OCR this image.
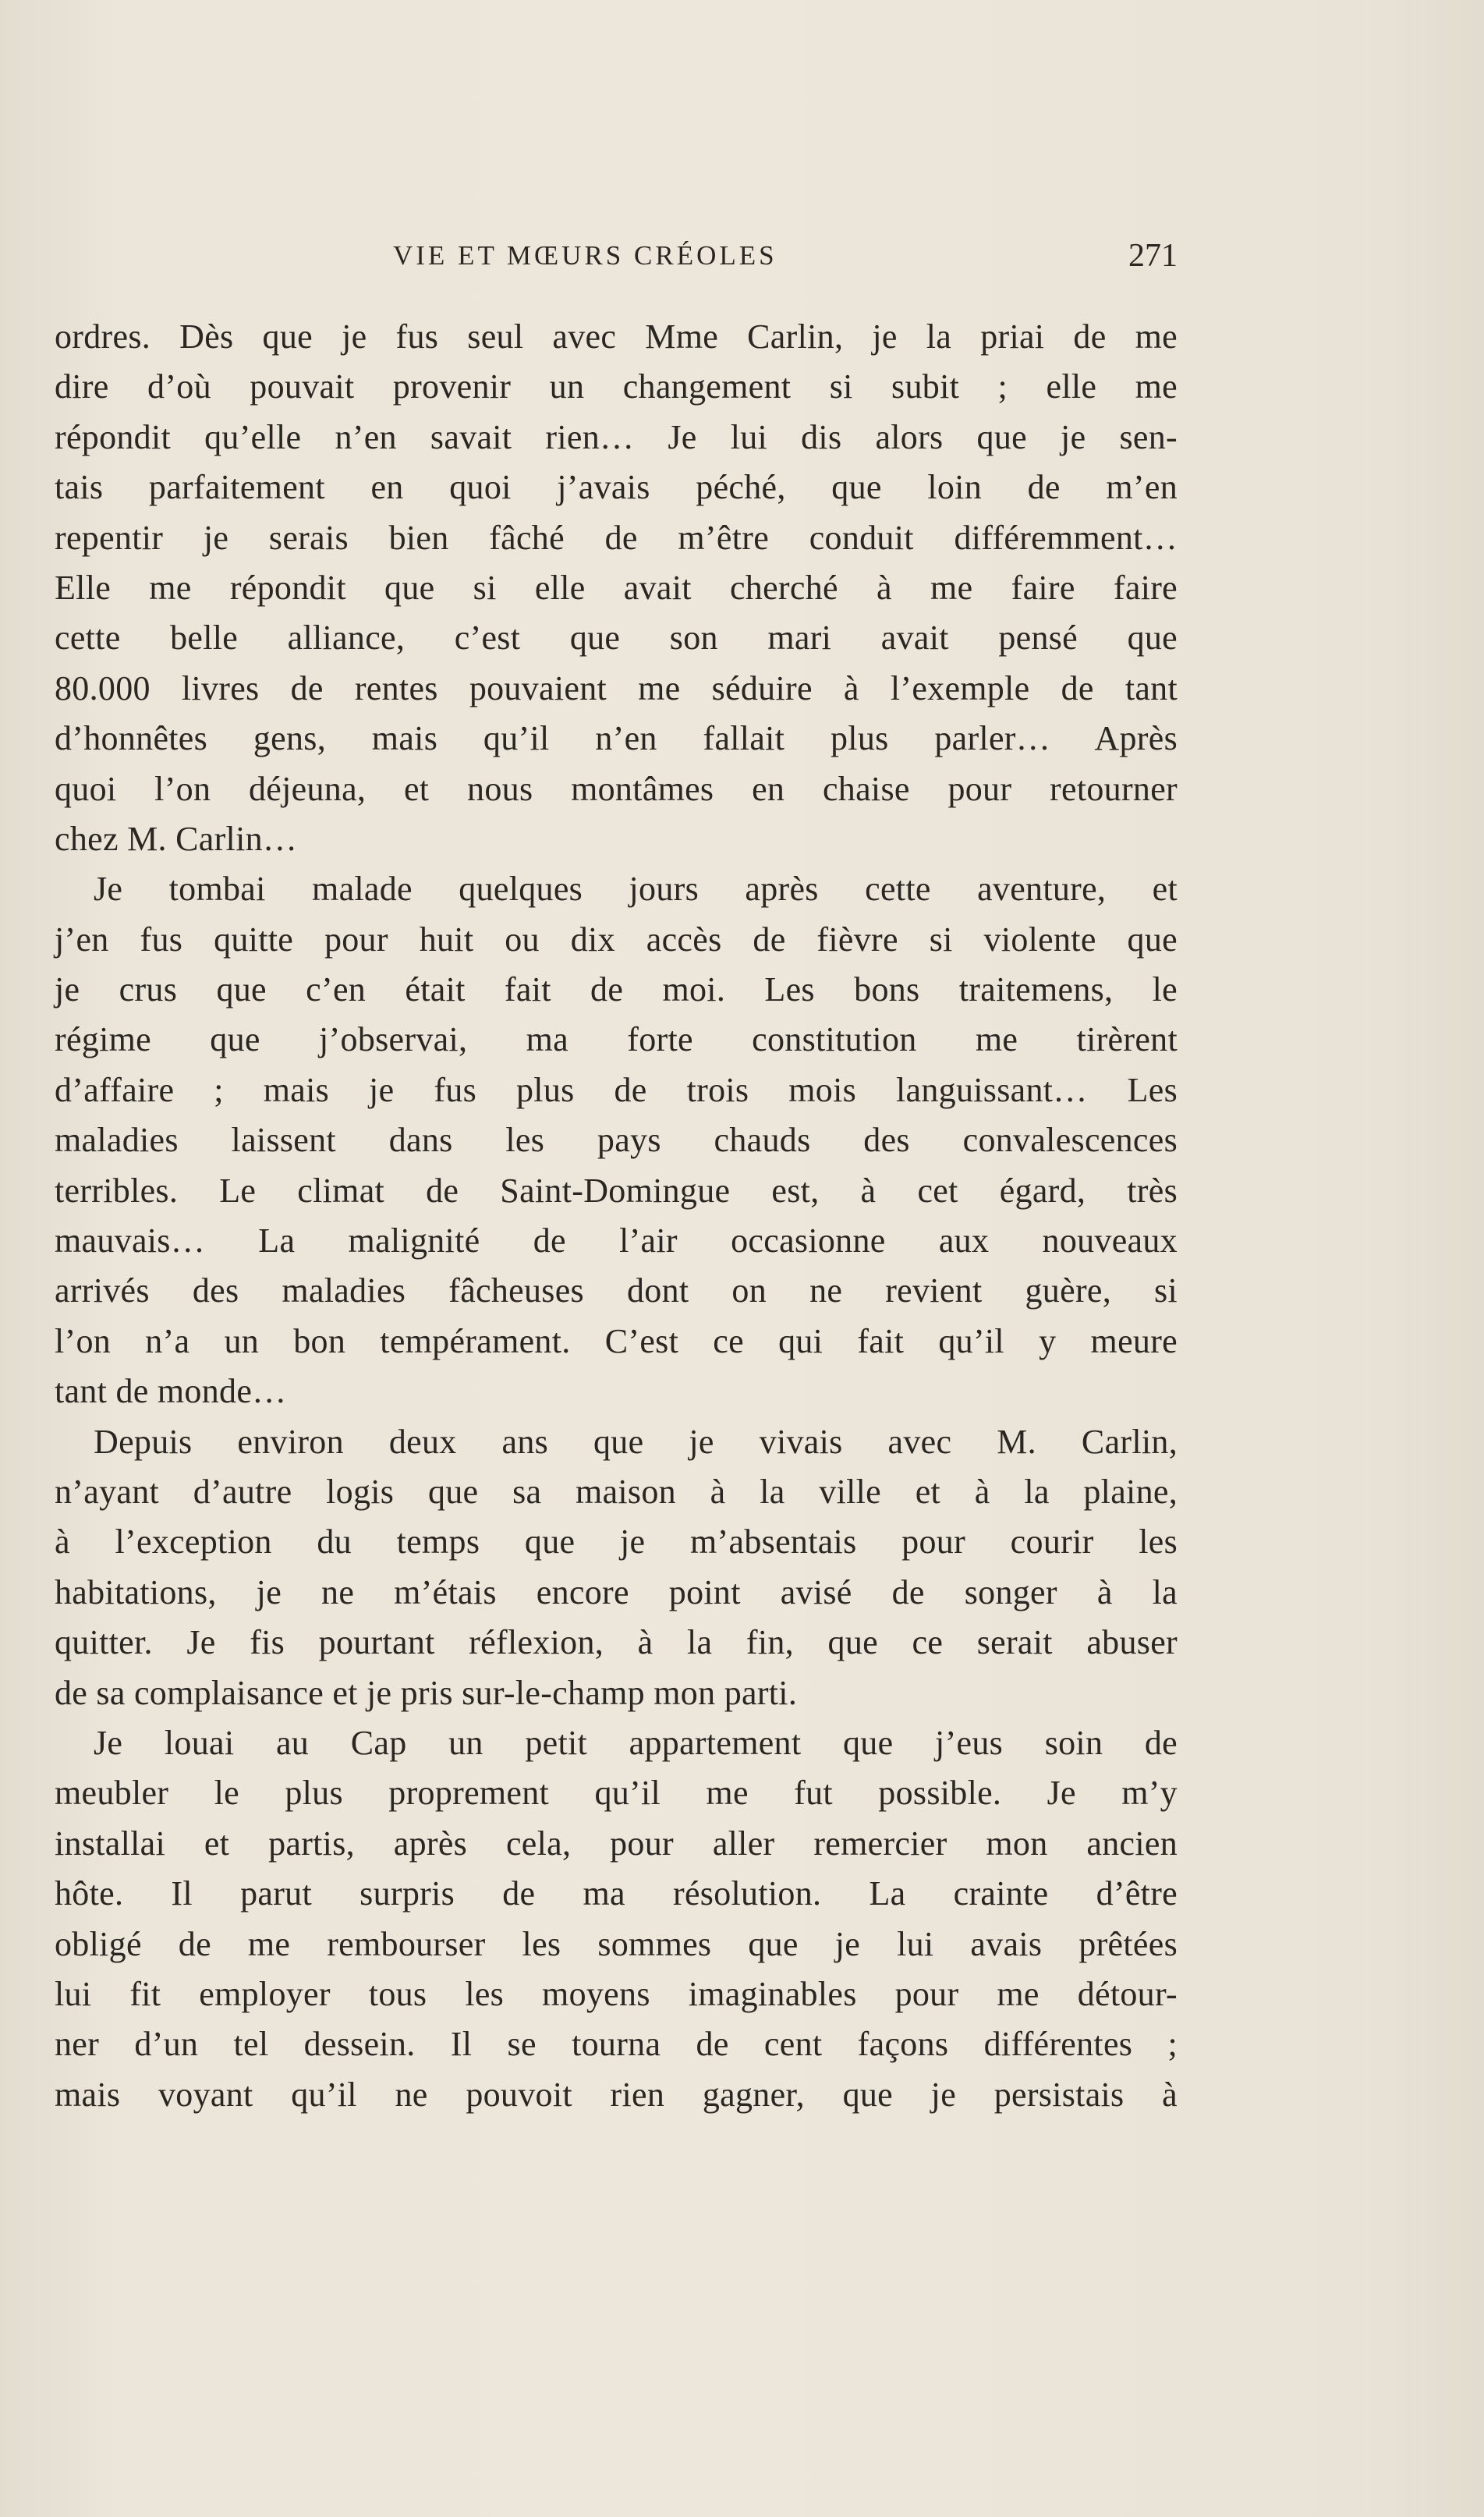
VIE ET MŒURS CRÉOLES	271
ordres. Dès que je fus seul avec Mme Carlin, je la priai de me
dire d’où pouvait provenir un changement si subit ; elle me
répondit qu’elle n’en savait rien… Je lui dis alors que je sen-
tais parfaitement en quoi j’avais péché, que loin de m’en
repentir je serais bien fâché de m’être conduit différemment…
Elle me répondit que si elle avait cherché à me faire faire
cette belle alliance, c’est que son mari avait pensé que
80.000 livres de rentes pouvaient me séduire à l’exemple de tant
d’honnêtes gens, mais qu’il n’en fallait plus parler… Après
quoi l’on déjeuna, et nous montâmes en chaise pour retourner
chez M. Carlin…
Je tombai malade quelques jours après cette aventure, et
j’en fus quitte pour huit ou dix accès de fièvre si violente que
je crus que c’en était fait de moi. Les bons traitemens, le
régime que j’observai, ma forte constitution me tirèrent
d’affaire ; mais je fus plus de trois mois languissant… Les
maladies laissent dans les pays chauds des convalescences
terribles. Le climat de Saint-Domingue est, à cet égard, très
mauvais… La malignité de l’air occasionne aux nouveaux
arrivés des maladies fâcheuses dont on ne revient guère, si
l’on n’a un bon tempérament. C’est ce qui fait qu’il y meure
tant de monde…
Depuis environ deux ans que je vivais avec M. Carlin,
n’ayant d’autre logis que sa maison à la ville et à la plaine,
à l’exception du temps que je m’absentais pour courir les
habitations, je ne m’étais encore point avisé de songer à la
quitter. Je fis pourtant réflexion, à la fin, que ce serait abuser
de sa complaisance et je pris sur-le-champ mon parti.
Je louai au Cap un petit appartement que j’eus soin de
meubler le plus proprement qu’il me fut possible. Je m’y
installai et partis, après cela, pour aller remercier mon ancien
hôte. Il parut surpris de ma résolution. La crainte d’être
obligé de me rembourser les sommes que je lui avais prêtées
lui fit employer tous les moyens imaginables pour me détour-
ner d’un tel dessein. Il se tourna de cent façons différentes ;
mais voyant qu’il ne pouvoit rien gagner, que je persistais à
